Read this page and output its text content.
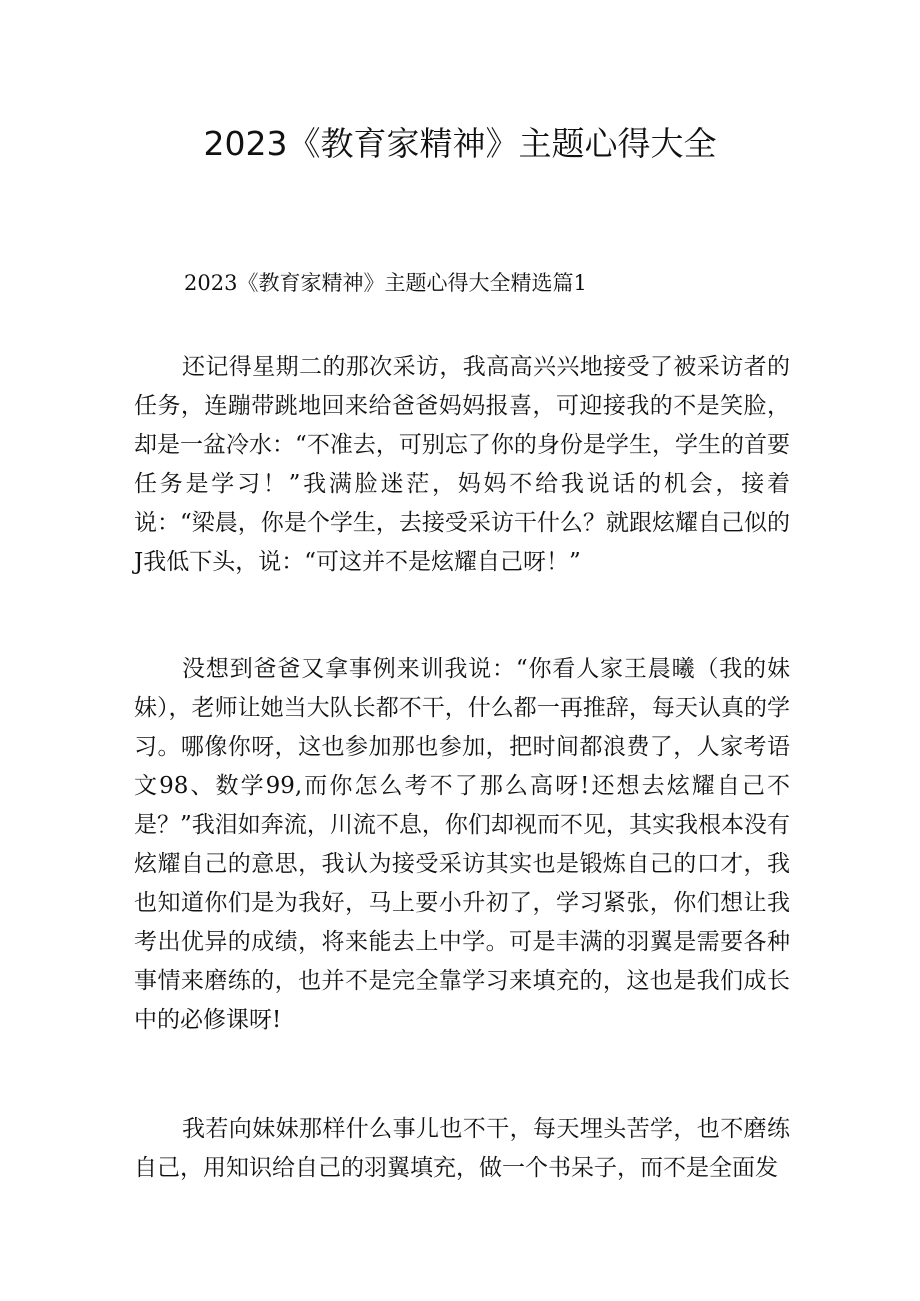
2023《教育家精神》主题心得大全
2023《教育家精神》主题心得大全精选篇1

还记得星期二的那次采访，我高高兴兴地接受了被采访者的任务，连蹦带跳地回来给爸爸妈妈报喜，可迎接我的不是笑脸，却是一盆冷水：“不准去，可别忘了你的身份是学生，学生的首要任务是学习！”我满脸迷茫，妈妈不给我说话的机会，接着说：“梁晨，你是个学生，去接受采访干什么？就跟炫耀自己似的J我低下头，说：“可这并不是炫耀自己呀！”

没想到爸爸又拿事例来训我说：“你看人家王晨曦（我的妹妹），老师让她当大队长都不干，什么都一再推辞，每天认真的学习。哪像你呀，这也参加那也参加，把时间都浪费了，人家考语文98、数学99,而你怎么考不了那么高呀!还想去炫耀自己不是？”我泪如奔流，川流不息，你们却视而不见，其实我根本没有炫耀自己的意思，我认为接受采访其实也是锻炼自己的口才，我也知道你们是为我好，马上要小升初了，学习紧张，你们想让我考出优异的成绩，将来能去上中学。可是丰满的羽翼是需要各种事情来磨练的，也并不是完全靠学习来填充的，这也是我们成长中的必修课呀!

我若向妹妹那样什么事儿也不干，每天埋头苦学，也不磨练自己，用知识给自己的羽翼填充，做一个书呆子，而不是全面发
